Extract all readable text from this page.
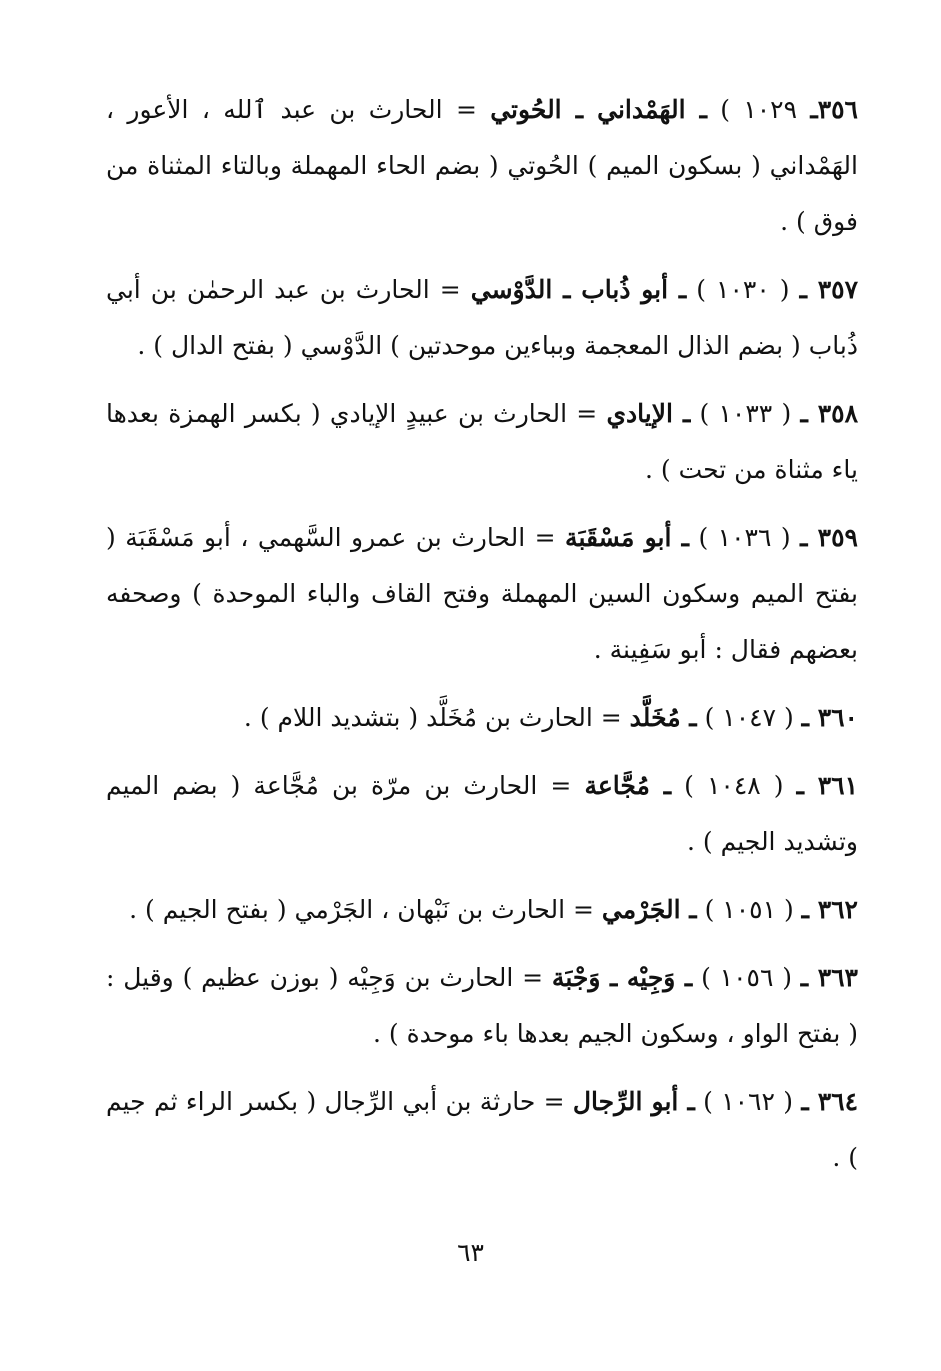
٣٥٦ـ ١٠٢٩ ) ـ الهَمْداني ـ الحُوتي = الحارث بن عبد ٱلله ، الأعور ، الهَمْداني ( بسكون الميم ) الحُوتي ( بضم الحاء المهملة وبالتاء المثناة من فوق ) .

٣٥٧ ـ ( ١٠٣٠ ) ـ أبو ذُباب ـ الدَّوْسي = الحارث بن عبد الرحمٰن بن أبي ذُباب ( بضم الذال المعجمة وبباءين موحدتين ) الدَّوْسي ( بفتح الدال ) .

٣٥٨ ـ ( ١٠٣٣ ) ـ الإيادي = الحارث بن عبيدٍ الإيادي ( بكسر الهمزة بعدها ياء مثناة من تحت ) .

٣٥٩ ـ ( ١٠٣٦ ) ـ أبو مَسْقَبَة = الحارث بن عمرو السَّهمي ، أبو مَسْقَبَة ( بفتح الميم وسكون السين المهملة وفتح القاف والباء الموحدة ) وصحفه بعضهم فقال : أبو سَفِينة .

٣٦٠ ـ ( ١٠٤٧ ) ـ مُخَلَّد = الحارث بن مُخَلَّد ( بتشديد اللام ) .

٣٦١ ـ ( ١٠٤٨ ) ـ مُجَّاعة = الحارث بن مرّة بن مُجَّاعة ( بضم الميم وتشديد الجيم ) .

٣٦٢ ـ ( ١٠٥١ ) ـ الجَرْمي = الحارث بن نَبْهان ، الجَرْمي ( بفتح الجيم ) .

٣٦٣ ـ ( ١٠٥٦ ) ـ وَجِيْه ـ وَجْبَة = الحارث بن وَجِيْه ( بوزن عظيم ) وقيل : ( بفتح الواو ، وسكون الجيم بعدها باء موحدة ) .

٣٦٤ ـ ( ١٠٦٢ ) ـ أبو الرِّجال = حارثة بن أبي الرِّجال ( بكسر الراء ثم جيم ) .

٦٣
